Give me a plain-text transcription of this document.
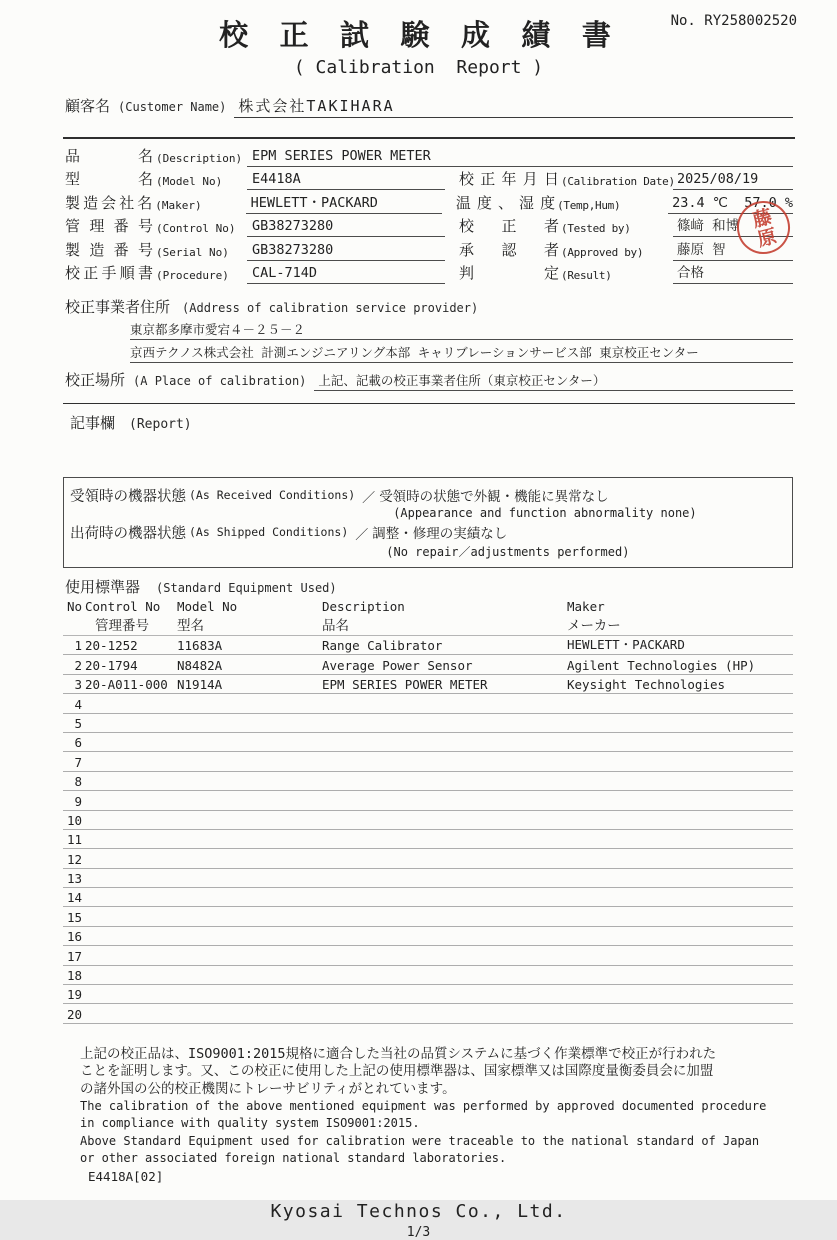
No. RY258002520
校 正 試 験 成 績 書
( Calibration  Report )
顧客名 (Customer Name) 株式会社TAKIHARA
品 名 (Description) EPM SERIES POWER METER
型 名 (Model No)	E4418A	校正年月日 (Calibration Date) 2025/08/19
製造会社名 (Maker)	HEWLETT・PACKARD	温度、湿度 (Temp,Hum)	23.4 ℃  57.0 %
管理番号 (Control No)	GB38273280	校 正 者 (Tested by)	篠﨑 和博
製造番号 (Serial No)	GB38273280	承 認 者 (Approved by)	藤原 智
校正手順書 (Procedure)	CAL-714D	判 定 (Result)	合格
藤原
校正事業者住所 (Address of calibration service provider)
東京都多摩市愛宕４－２５－２
京西テクノス株式会社 計測エンジニアリング本部 キャリブレーションサービス部 東京校正センター
校正場所 (A Place of calibration) 上記、記載の校正事業者住所（東京校正センター）
記事欄 (Report)
受領時の機器状態 (As Received Conditions) ／ 受領時の状態で外観・機能に異常なし
(Appearance and function abnormality none)
出荷時の機器状態 (As Shipped Conditions) ／ 調整・修理の実績なし
(No repair／adjustments performed)
使用標準器 (Standard Equipment Used)
No Control No	Model No	Description	Maker
管理番号	型名	品名	メーカー
1 20-1252	11683A	Range Calibrator	HEWLETT・PACKARD
2 20-1794	N8482A	Average Power Sensor	Agilent Technologies (HP)
3 20-A011-000 N1914A	EPM SERIES POWER METER	Keysight Technologies
4
5
6
7
8
9
10
11
12
13
14
15
16
17
18
19
20
上記の校正品は、ISO9001:2015規格に適合した当社の品質システムに基づく作業標準で校正が行われた
ことを証明します。又、この校正に使用した上記の使用標準器は、国家標準又は国際度量衡委員会に加盟
の諸外国の公的校正機関にトレーサビリティがとれています。
The calibration of the above mentioned equipment was performed by approved documented procedure
in compliance with quality system ISO9001:2015.
Above Standard Equipment used for calibration were traceable to the national standard of Japan
or other associated foreign national standard laboratories.
E4418A[02]
Kyosai Technos Co., Ltd.
1/3
